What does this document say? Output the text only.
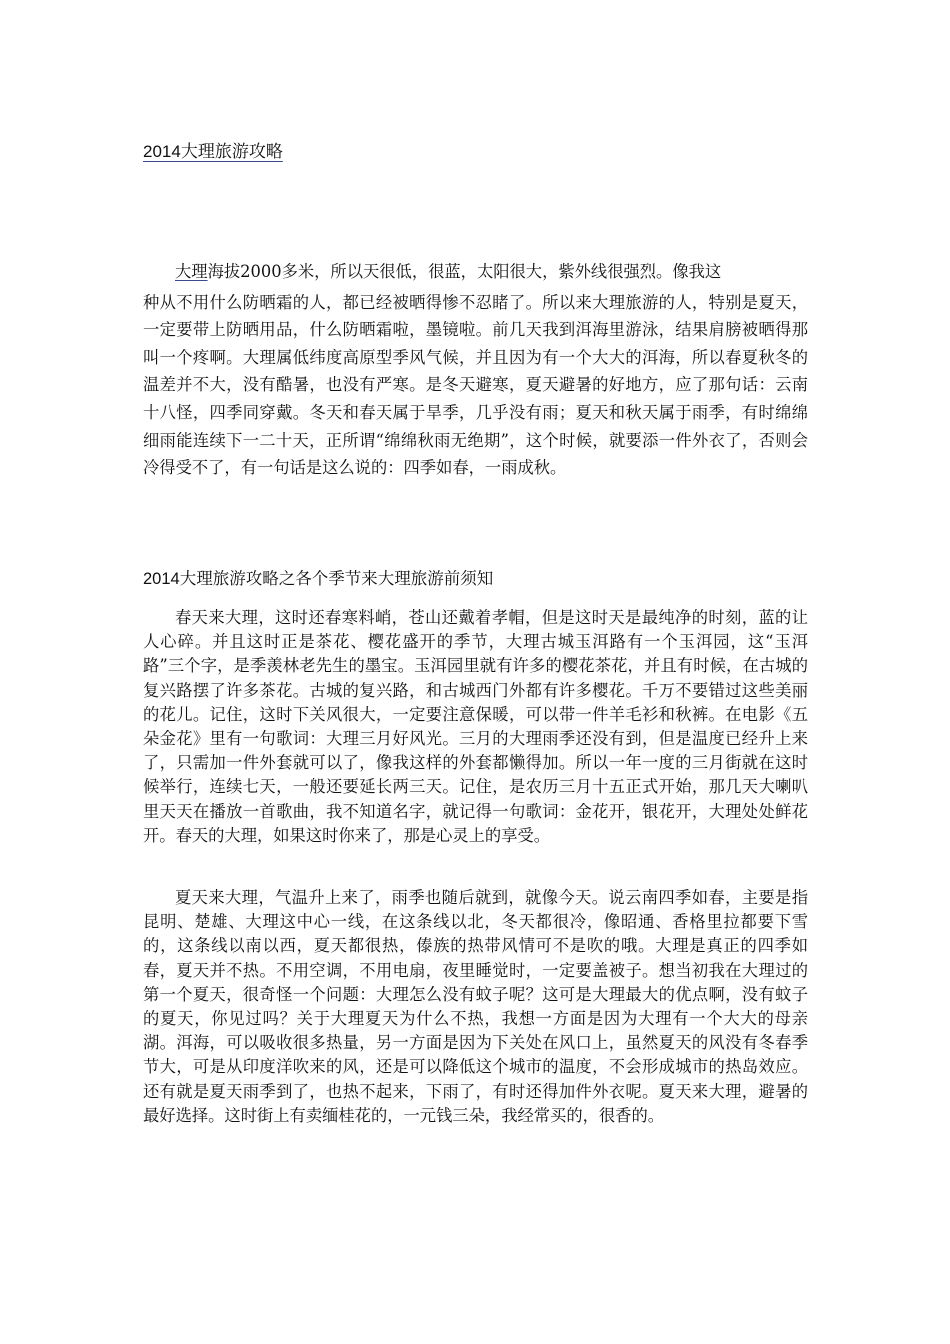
2014大理旅游攻略
大理海拔2000多米，所以天很低，很蓝，太阳很大，紫外线很强烈。像我这
种从不用什么防晒霜的人，都已经被晒得惨不忍睹了。所以来大理旅游的人，特别是夏天，一定要带上防晒用品，什么防晒霜啦，墨镜啦。前几天我到洱海里游泳，结果肩膀被晒得那叫一个疼啊。大理属低纬度高原型季风气候，并且因为有一个大大的洱海，所以春夏秋冬的温差并不大，没有酷暑，也没有严寒。是冬天避寒，夏天避暑的好地方，应了那句话：云南十八怪，四季同穿戴。冬天和春天属于旱季，几乎没有雨；夏天和秋天属于雨季，有时绵绵细雨能连续下一二十天，正所谓“绵绵秋雨无绝期”，这个时候，就要添一件外衣了，否则会冷得受不了，有一句话是这么说的：四季如春，一雨成秋。
2014大理旅游攻略之各个季节来大理旅游前须知

春天来大理，这时还春寒料峭，苍山还戴着孝帽，但是这时天是最纯净的时刻，蓝的让人心碎。并且这时正是茶花、樱花盛开的季节，大理古城玉洱路有一个玉洱园，这“玉洱路”三个字，是季羡林老先生的墨宝。玉洱园里就有许多的樱花茶花，并且有时候，在古城的复兴路摆了许多茶花。古城的复兴路，和古城西门外都有许多樱花。千万不要错过这些美丽的花儿。记住，这时下关风很大，一定要注意保暖，可以带一件羊毛衫和秋裤。在电影《五朵金花》里有一句歌词：大理三月好风光。三月的大理雨季还没有到，但是温度已经升上来了，只需加一件外套就可以了，像我这样的外套都懒得加。所以一年一度的三月街就在这时候举行，连续七天，一般还要延长两三天。记住，是农历三月十五正式开始，那几天大喇叭里天天在播放一首歌曲，我不知道名字，就记得一句歌词：金花开，银花开，大理处处鲜花开。春天的大理，如果这时你来了，那是心灵上的享受。

夏天来大理，气温升上来了，雨季也随后就到，就像今天。说云南四季如春，主要是指昆明、楚雄、大理这中心一线，在这条线以北，冬天都很冷，像昭通、香格里拉都要下雪的，这条线以南以西，夏天都很热，傣族的热带风情可不是吹的哦。大理是真正的四季如春，夏天并不热。不用空调，不用电扇，夜里睡觉时，一定要盖被子。想当初我在大理过的第一个夏天，很奇怪一个问题：大理怎么没有蚊子呢？这可是大理最大的优点啊，没有蚊子的夏天，你见过吗？关于大理夏天为什么不热，我想一方面是因为大理有一个大大的母亲湖。洱海，可以吸收很多热量，另一方面是因为下关处在风口上，虽然夏天的风没有冬春季节大，可是从印度洋吹来的风，还是可以降低这个城市的温度，不会形成城市的热岛效应。还有就是夏天雨季到了，也热不起来，下雨了，有时还得加件外衣呢。夏天来大理，避暑的最好选择。这时街上有卖缅桂花的，一元钱三朵，我经常买的，很香的。
